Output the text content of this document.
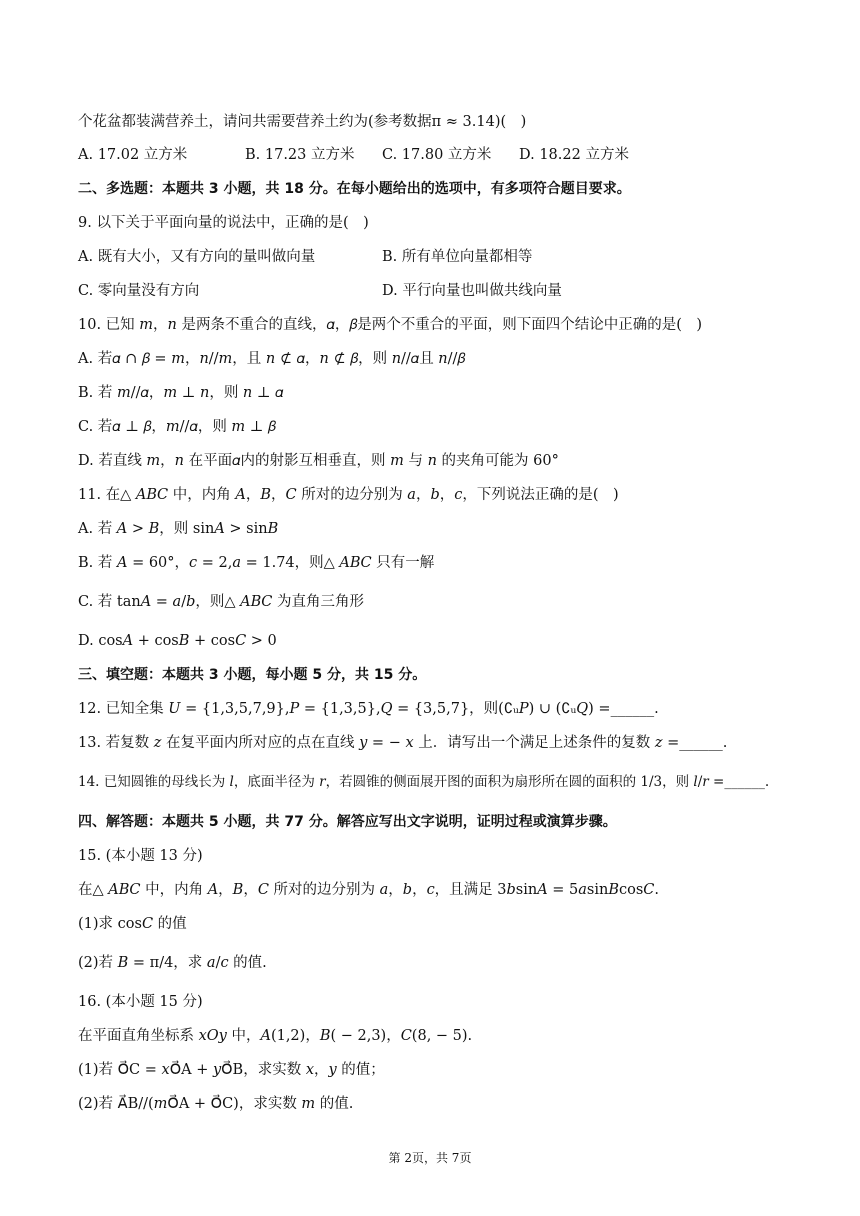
个花盆都装满营养土，请问共需要营养土约为(参考数据π ≈ 3.14)(　)
A. 17.02 立方米	B. 17.23 立方米 C. 17.80 立方米 D. 18.22 立方米
二、多选题：本题共 3 小题，共 18 分。在每小题给出的选项中，有多项符合题目要求。
9. 以下关于平面向量的说法中，正确的是(　)
A. 既有大小，又有方向的量叫做向量	B. 所有单位向量都相等
C. 零向量没有方向	D. 平行向量也叫做共线向量
10. 已知 𝑚，𝑛 是两条不重合的直线，𝛼，𝛽是两个不重合的平面，则下面四个结论中正确的是(　)
A. 若𝛼 ∩ 𝛽 = 𝑚，𝑛//𝑚，且 𝑛 ⊄ 𝛼，𝑛 ⊄ 𝛽，则 𝑛//𝛼且 𝑛//𝛽
B. 若 𝑚//𝛼，𝑚 ⊥ 𝑛，则 𝑛 ⊥ 𝛼
C. 若𝛼 ⊥ 𝛽，𝑚//𝛼，则 𝑚 ⊥ 𝛽
D. 若直线 𝑚，𝑛 在平面𝛼内的射影互相垂直，则 𝑚 与 𝑛 的夹角可能为 60°
11. 在△ 𝐴𝐵𝐶 中，内角 𝐴，𝐵，𝐶 所对的边分别为 𝑎，𝑏，𝑐，下列说法正确的是(　)
A. 若 𝐴 > 𝐵，则 sin𝐴 > sin𝐵
B. 若 𝐴 = 60°，𝑐 = 2,𝑎 = 1.74，则△ 𝐴𝐵𝐶 只有一解
C. 若 tan𝐴 = 𝑎/𝑏，则△ 𝐴𝐵𝐶 为直角三角形
D. cos𝐴 + cos𝐵 + cos𝐶 > 0
三、填空题：本题共 3 小题，每小题 5 分，共 15 分。
12. 已知全集 𝑈 = {1,3,5,7,9},𝑃 = {1,3,5},𝑄 = {3,5,7}，则(∁ᵤ𝑃) ∪ (∁ᵤ𝑄) =______.
13. 若复数 𝑧 在复平面内所对应的点在直线 𝑦 = − 𝑥 上．请写出一个满足上述条件的复数 𝑧 =______.
14. 已知圆锥的母线长为 𝑙，底面半径为 𝑟，若圆锥的侧面展开图的面积为扇形所在圆的面积的 1/3，则 𝑙/𝑟 =______.
四、解答题：本题共 5 小题，共 77 分。解答应写出文字说明，证明过程或演算步骤。
15. (本小题 13 分)
在△ 𝐴𝐵𝐶 中，内角 𝐴，𝐵，𝐶 所对的边分别为 𝑎，𝑏，𝑐，且满足 3𝑏sin𝐴 = 5𝑎sin𝐵cos𝐶.
(1)求 cos𝐶 的值
(2)若 𝐵 = π/4，求 𝑎/𝑐 的值.
16. (本小题 15 分)
在平面直角坐标系 𝑥𝑂𝑦 中，𝐴(1,2)，𝐵( − 2,3)，𝐶(8, − 5).
(1)若 O⃗C = 𝑥O⃗A + 𝑦O⃗B，求实数 𝑥，𝑦 的值；
(2)若 A⃗B//(𝑚O⃗A + O⃗C)，求实数 𝑚 的值.
第 2页，共 7页
